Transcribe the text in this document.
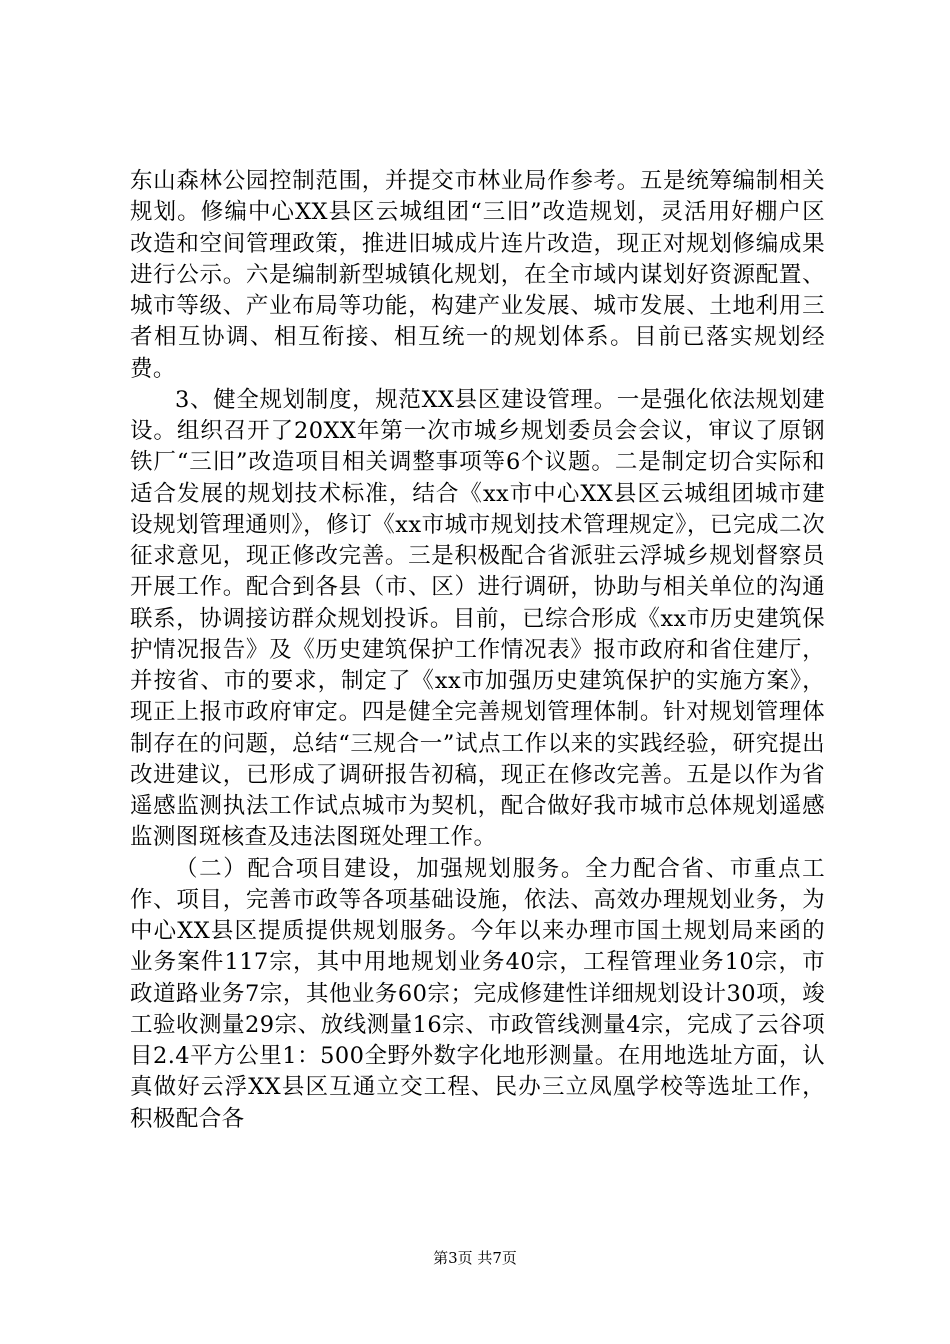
东山森林公园控制范围，并提交市林业局作参考。五是统筹编制相关规划。修编中心XX县区云城组团“三旧”改造规划，灵活用好棚户区改造和空间管理政策，推进旧城成片连片改造，现正对规划修编成果进行公示。六是编制新型城镇化规划，在全市域内谋划好资源配置、城市等级、产业布局等功能，构建产业发展、城市发展、土地利用三者相互协调、相互衔接、相互统一的规划体系。目前已落实规划经费。

3、健全规划制度，规范XX县区建设管理。一是强化依法规划建设。组织召开了20XX年第一次市城乡规划委员会会议，审议了原钢铁厂“三旧”改造项目相关调整事项等6个议题。二是制定切合实际和适合发展的规划技术标准，结合《xx市中心XX县区云城组团城市建设规划管理通则》，修订《xx市城市规划技术管理规定》，已完成二次征求意见，现正修改完善。三是积极配合省派驻云浮城乡规划督察员开展工作。配合到各县（市、区）进行调研，协助与相关单位的沟通联系，协调接访群众规划投诉。目前，已综合形成《xx市历史建筑保护情况报告》及《历史建筑保护工作情况表》报市政府和省住建厅，并按省、市的要求，制定了《xx市加强历史建筑保护的实施方案》，现正上报市政府审定。四是健全完善规划管理体制。针对规划管理体制存在的问题，总结“三规合一”试点工作以来的实践经验，研究提出改进建议，已形成了调研报告初稿，现正在修改完善。五是以作为省遥感监测执法工作试点城市为契机，配合做好我市城市总体规划遥感监测图斑核查及违法图斑处理工作。

（二）配合项目建设，加强规划服务。全力配合省、市重点工作、项目，完善市政等各项基础设施，依法、高效办理规划业务，为中心XX县区提质提供规划服务。今年以来办理市国土规划局来函的业务案件117宗，其中用地规划业务40宗，工程管理业务10宗，市政道路业务7宗，其他业务60宗；完成修建性详细规划设计30项，竣工验收测量29宗、放线测量16宗、市政管线测量4宗，完成了云谷项目2.4平方公里1：500全野外数字化地形测量。在用地选址方面，认真做好云浮XX县区互通立交工程、民办三立凤凰学校等选址工作，积极配合各

第3页 共7页
